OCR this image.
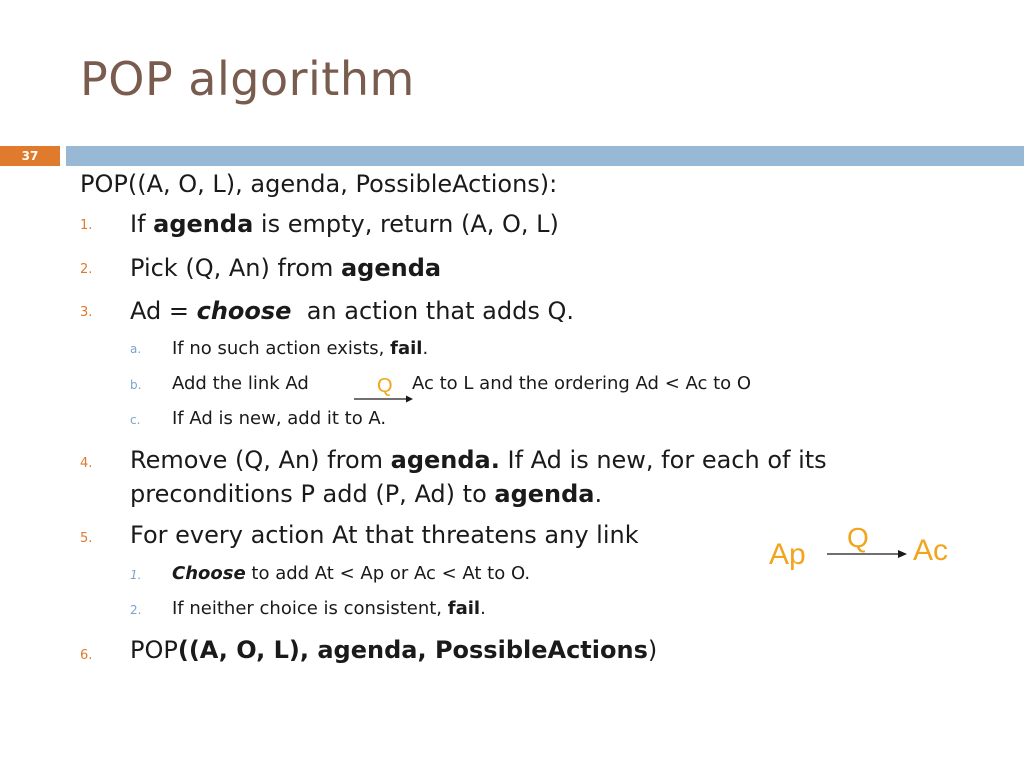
POP algorithm
37
POP((A, O, L), agenda, PossibleActions):
1. If agenda is empty, return (A, O, L)
2. Pick (Q, An) from agenda
3. Ad = choose  an action that adds Q.
a. If no such action exists, fail.
b. Add the link Ad	Q Ac to L and the ordering Ad < Ac to O
c. If Ad is new, add it to A.
4. Remove (Q, An) from agenda. If Ad is new, for each of its
preconditions P add (P, Ad) to agenda.
5. For every action At that threatens any link
1. Choose to add At < Ap or Ac < At to O.
2. If neither choice is consistent, fail.
6. POP((A, O, L), agenda, PossibleActions)
Ap
Q Ac
